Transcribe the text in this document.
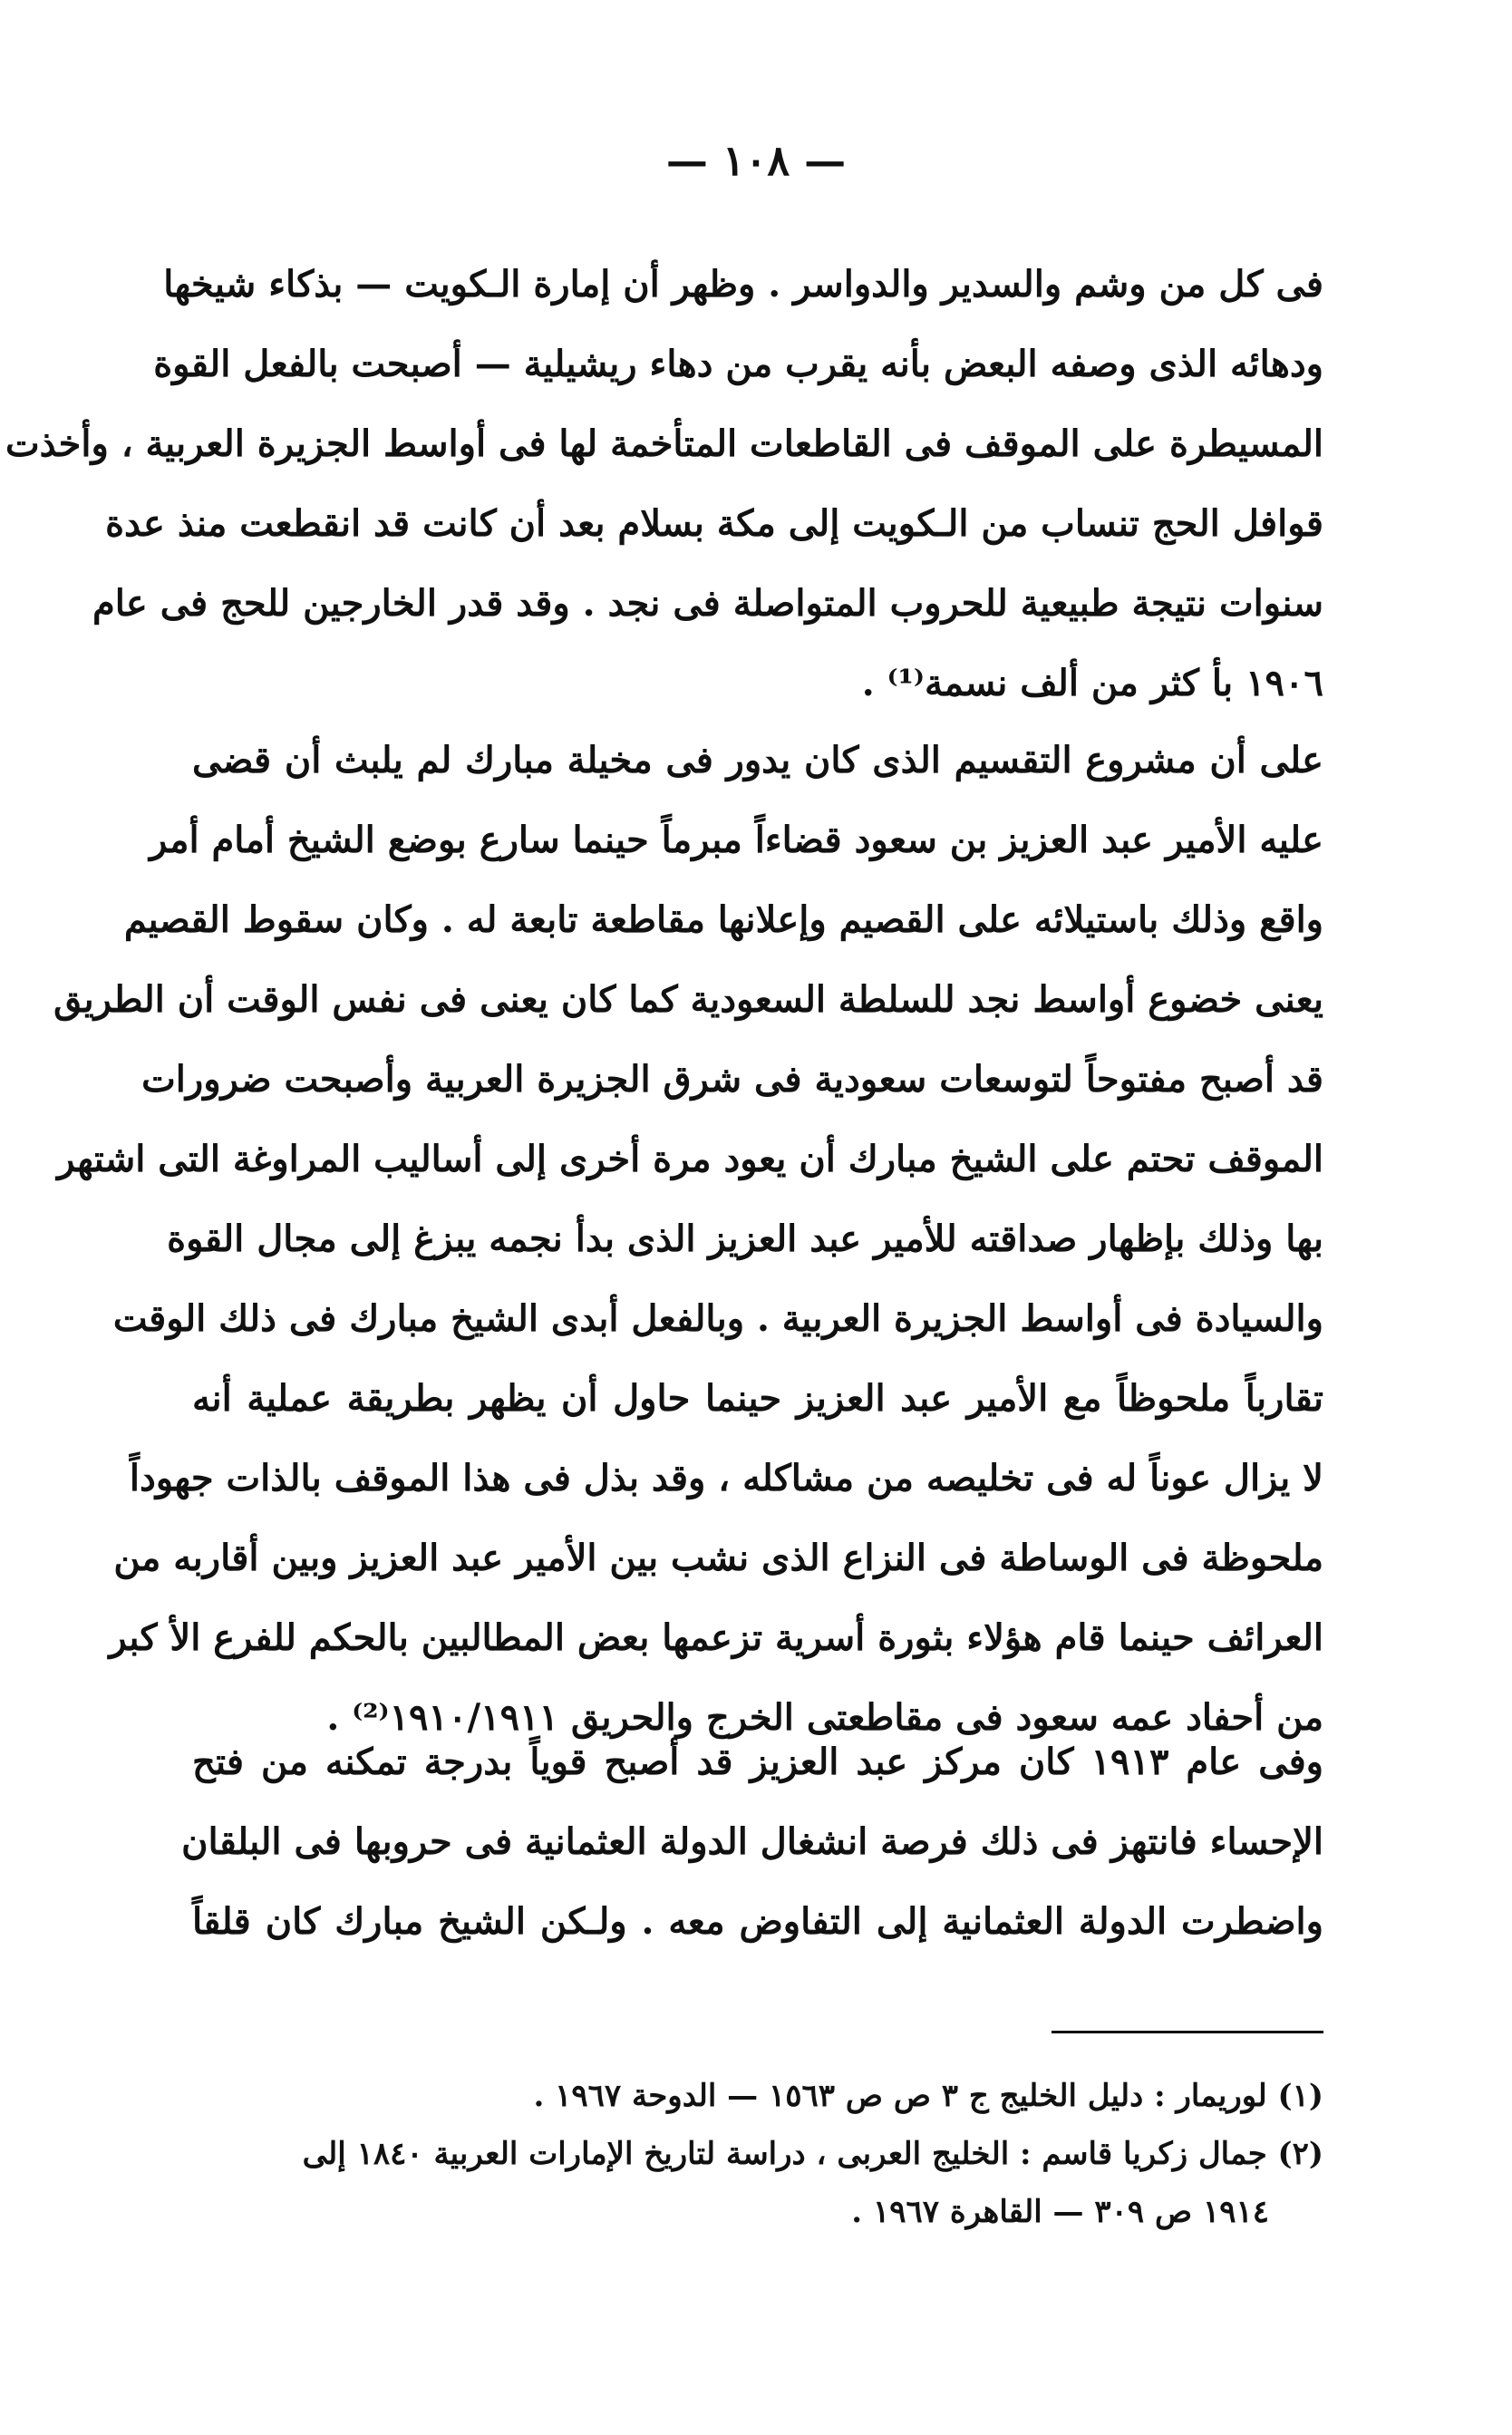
— ١٠٨ —

فى كل من وشم والسدير والدواسر . وظهر أن إمارة الـكويت — بذكاء شيخها
ودهائه الذى وصفه البعض بأنه يقرب من دهاء ريشيلية — أصبحت بالفعل القوة
المسيطرة على الموقف فى القاطعات المتأخمة لها فى أواسط الجزيرة العربية ، وأخذت
قوافل الحج تنساب من الـكويت إلى مكة بسلام بعد أن كانت قد انقطعت منذ عدة
سنوات نتيجة طبيعية للحروب المتواصلة فى نجد . وقد قدر الخارجين للحج فى عام
١٩٠٦ بأ كثر من ألف نسمة⁽¹⁾ .

على أن مشروع التقسيم الذى كان يدور فى مخيلة مبارك لم يلبث أن قضى
عليه الأمير عبد العزيز بن سعود قضاءاً مبرماً حينما سارع بوضع الشيخ أمام أمر
واقع وذلك باستيلائه على القصيم وإعلانها مقاطعة تابعة له . وكان سقوط القصيم
يعنى خضوع أواسط نجد للسلطة السعودية كما كان يعنى فى نفس الوقت أن الطريق
قد أصبح مفتوحاً لتوسعات سعودية فى شرق الجزيرة العربية وأصبحت ضرورات
الموقف تحتم على الشيخ مبارك أن يعود مرة أخرى إلى أساليب المراوغة التى اشتهر
بها وذلك بإظهار صداقته للأمير عبد العزيز الذى بدأ نجمه يبزغ إلى مجال القوة
والسيادة فى أواسط الجزيرة العربية . وبالفعل أبدى الشيخ مبارك فى ذلك الوقت
تقارباً ملحوظاً مع الأمير عبد العزيز حينما حاول أن يظهر بطريقة عملية أنه
لا يزال عوناً له فى تخليصه من مشاكله ، وقد بذل فى هذا الموقف بالذات جهوداً
ملحوظة فى الوساطة فى النزاع الذى نشب بين الأمير عبد العزيز وبين أقاربه من
العرائف حينما قام هؤلاء بثورة أسرية تزعمها بعض المطالبين بالحكم للفرع الأ كبر
من أحفاد عمه سعود فى مقاطعتى الخرج والحريق ١٩١٠/١٩١١⁽²⁾ .

وفى عام ١٩١٣ كان مركز عبد العزيز قد أصبح قوياً بدرجة تمكنه من فتح
الإحساء فانتهز فى ذلك فرصة انشغال الدولة العثمانية فى حروبها فى البلقان
واضطرت الدولة العثمانية إلى التفاوض معه . ولـكن الشيخ مبارك كان قلقاً

(١) لوريمار : دليل الخليج ج ٣ ص ص ١٥٦٣ — الدوحة ١٩٦٧ .
(٢) جمال زكريا قاسم : الخليج العربى ، دراسة لتاريخ الإمارات العربية ١٨٤٠ إلى
١٩١٤ ص ٣٠٩ — القاهرة ١٩٦٧ .
